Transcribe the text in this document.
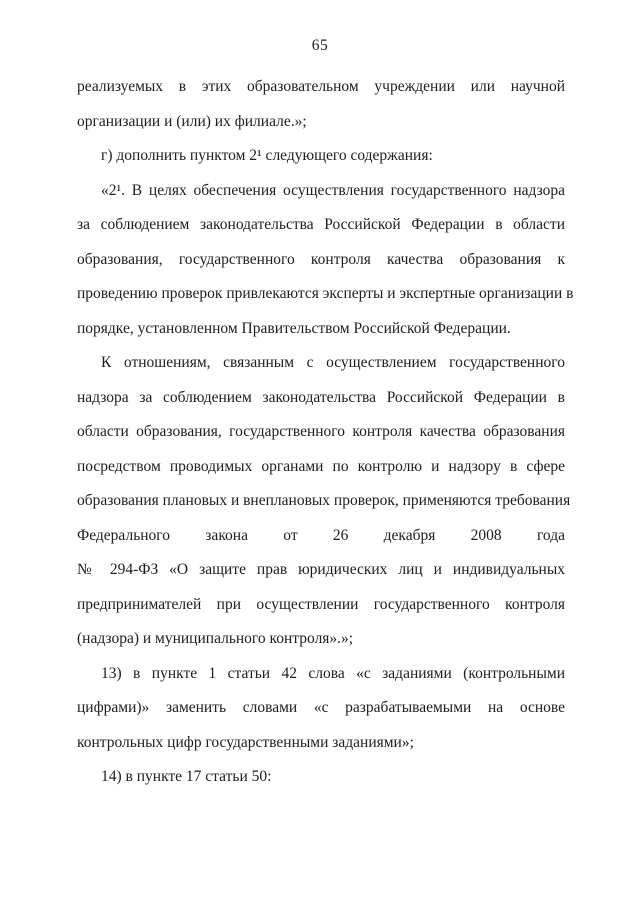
65
реализуемых в этих образовательном учреждении или научной
организации и (или) их филиале.»;
г) дополнить пунктом 2¹ следующего содержания:
«2¹. В целях обеспечения осуществления государственного надзора
за соблюдением законодательства Российской Федерации в области
образования, государственного контроля качества образования к
проведению проверок привлекаются эксперты и экспертные организации в
порядке, установленном Правительством Российской Федерации.
К отношениям, связанным с осуществлением государственного
надзора за соблюдением законодательства Российской Федерации в
области образования, государственного контроля качества образования
посредством проводимых органами по контролю и надзору в сфере
образования плановых и внеплановых проверок, применяются требования
Федерального закона от 26 декабря 2008 года
№ 294-ФЗ «О защите прав юридических лиц и индивидуальных
предпринимателей при осуществлении государственного контроля
(надзора) и муниципального контроля».»;
13) в пункте 1 статьи 42 слова «с заданиями (контрольными
цифрами)» заменить словами «с разрабатываемыми на основе
контрольных цифр государственными заданиями»;
14) в пункте 17 статьи 50:
